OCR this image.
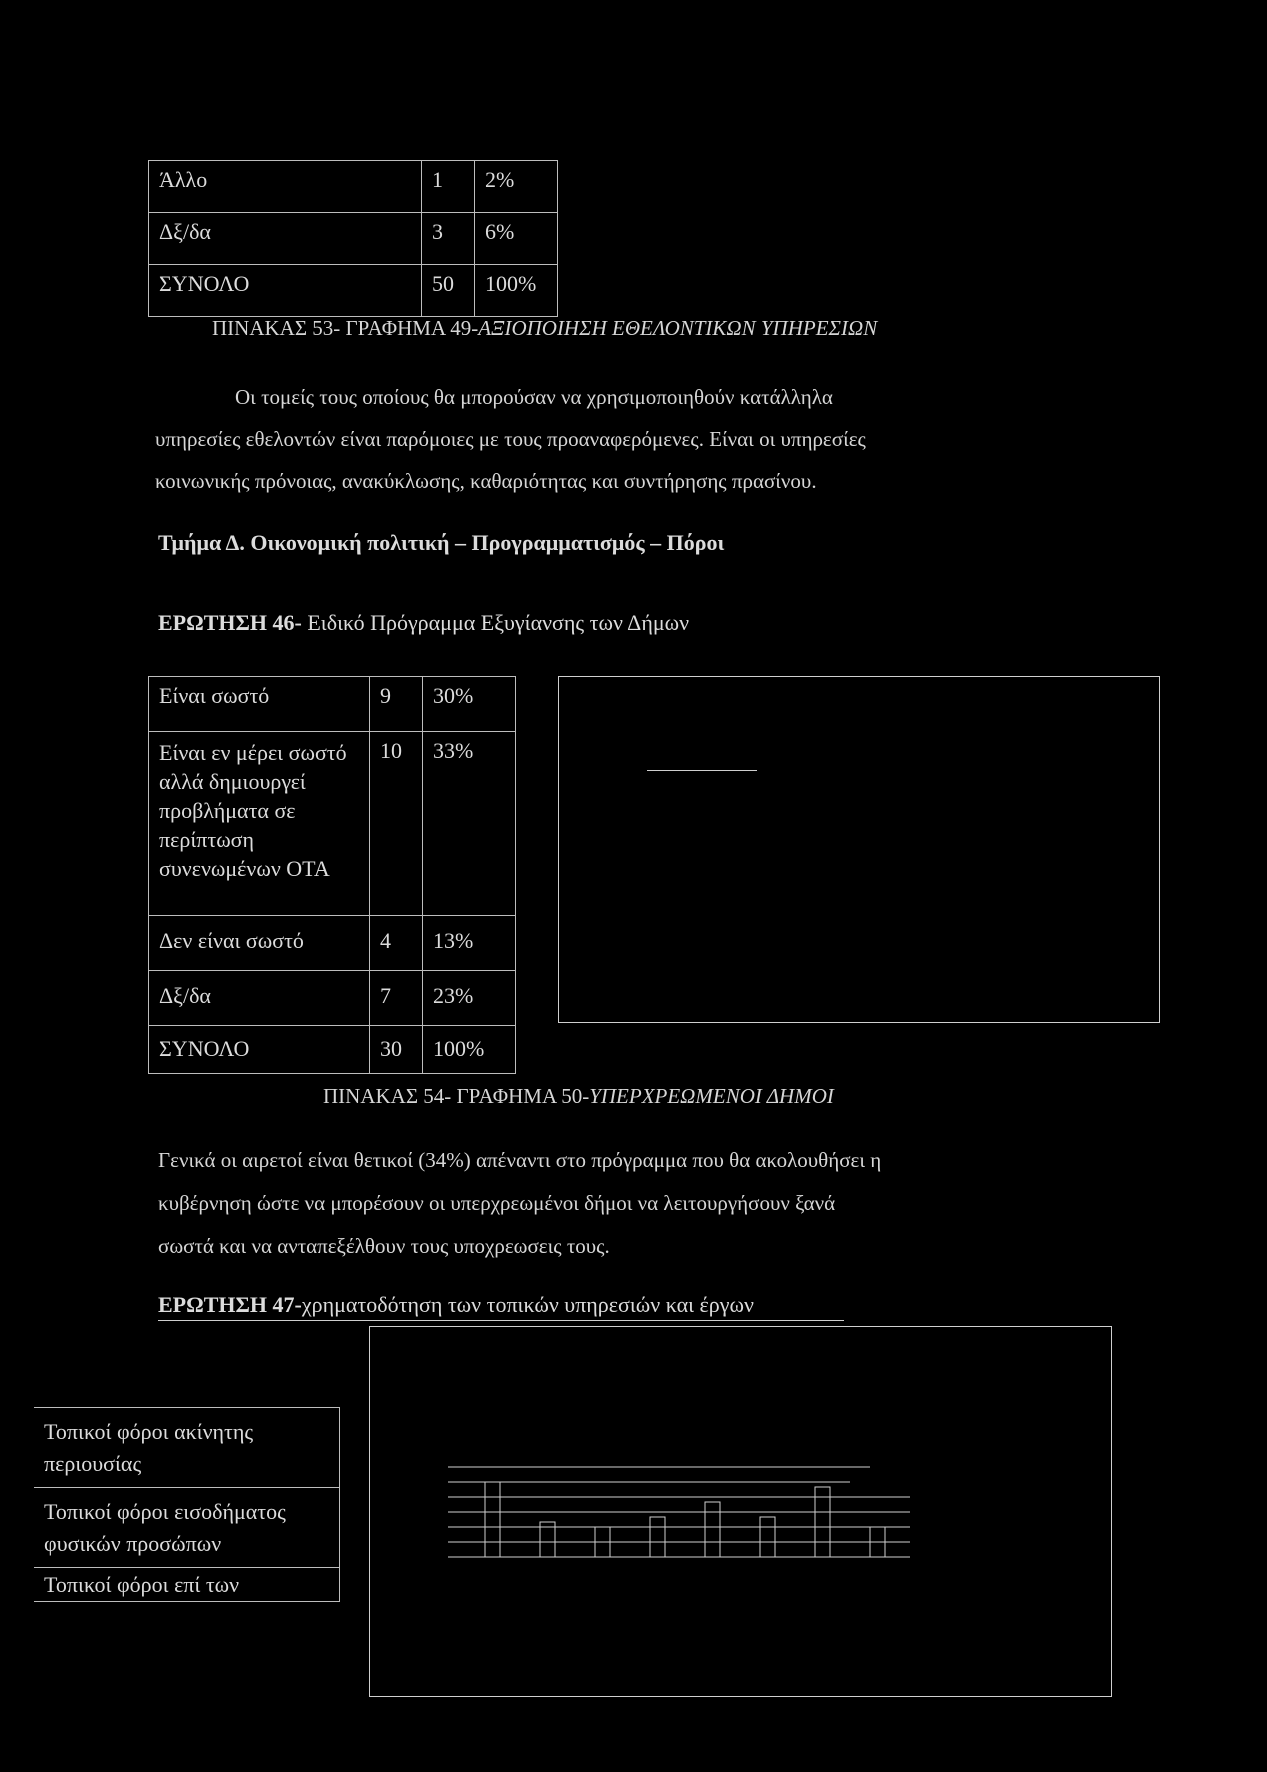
Άλλο	1	2%
Δξ/δα	3	6%
ΣΥΝΟΛΟ	50	100%
ΠΙΝΑΚΑΣ 53- ΓΡΑΦΗΜΑ 49-ΑΞΙΟΠΟΙΗΣΗ ΕΘΕΛΟΝΤΙΚΩΝ ΥΠΗΡΕΣΙΩΝ
Οι τομείς τους οποίους θα μπορούσαν να χρησιμοποιηθούν κατάλληλα
υπηρεσίες εθελοντών είναι παρόμοιες με τους προαναφερόμενες. Είναι οι υπηρεσίες
κοινωνικής πρόνοιας, ανακύκλωσης, καθαριότητας και συντήρησης πρασίνου.
Τμήμα Δ. Οικονομική πολιτική – Προγραμματισμός – Πόροι
ΕΡΩΤΗΣΗ 46- Ειδικό Πρόγραμμα Εξυγίανσης των Δήμων
Είναι σωστό	9	30%
Είναι εν μέρει σωστό αλλά δημιουργεί προβλήματα σε περίπτωση συνενωμένων ΟΤΑ	10	33%
Δεν είναι σωστό	4	13%
Δξ/δα	7	23%
ΣΥΝΟΛΟ	30	100%
ΠΙΝΑΚΑΣ 54- ΓΡΑΦΗΜΑ 50-ΥΠΕΡΧΡΕΩΜΕΝΟΙ ΔΗΜΟΙ
Γενικά οι αιρετοί είναι θετικοί (34%) απέναντι στο πρόγραμμα που θα ακολουθήσει η
κυβέρνηση ώστε να μπορέσουν οι υπερχρεωμένοι δήμοι να λειτουργήσουν ξανά
σωστά και να ανταπεξέλθουν τους υποχρεωσεις τους.
ΕΡΩΤΗΣΗ 47-χρηματοδότηση των τοπικών υπηρεσιών και έργων
Τοπικοί φόροι ακίνητης περιουσίας
Τοπικοί φόροι εισοδήματος φυσικών προσώπων
Τοπικοί φόροι επί των
